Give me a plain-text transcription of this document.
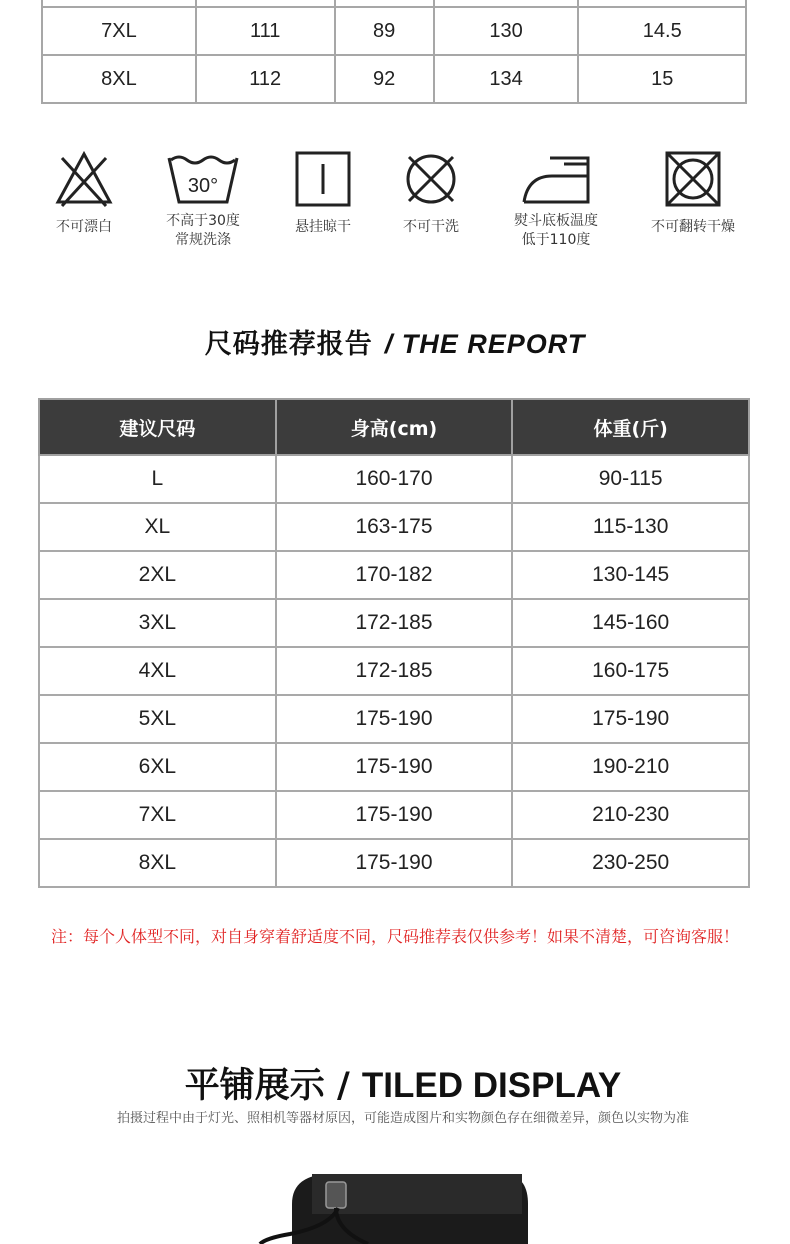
7XL	111	89	130	14.5
8XL	112	92	134	15
不可漂白
30°
不高于30度
常规洗涤
悬挂晾干	不可干洗	熨斗底板温度
低于110度
不可翻转干燥
尺码推荐报告 / THE REPORT
建议尺码	身高(cm)	体重(斤)
L	160-170	90-115
XL	163-175	115-130
2XL	170-182	130-145
3XL	172-185	145-160
4XL	172-185	160-175
5XL	175-190	175-190
6XL	175-190	190-210
7XL	175-190	210-230
8XL	175-190	230-250
注：每个人体型不同，对自身穿着舒适度不同，尺码推荐表仅供参考！如果不清楚，可咨询客服！
平铺展示 / TILED DISPLAY
拍摄过程中由于灯光、照相机等器材原因，可能造成图片和实物颜色存在细微差异，颜色以实物为准
